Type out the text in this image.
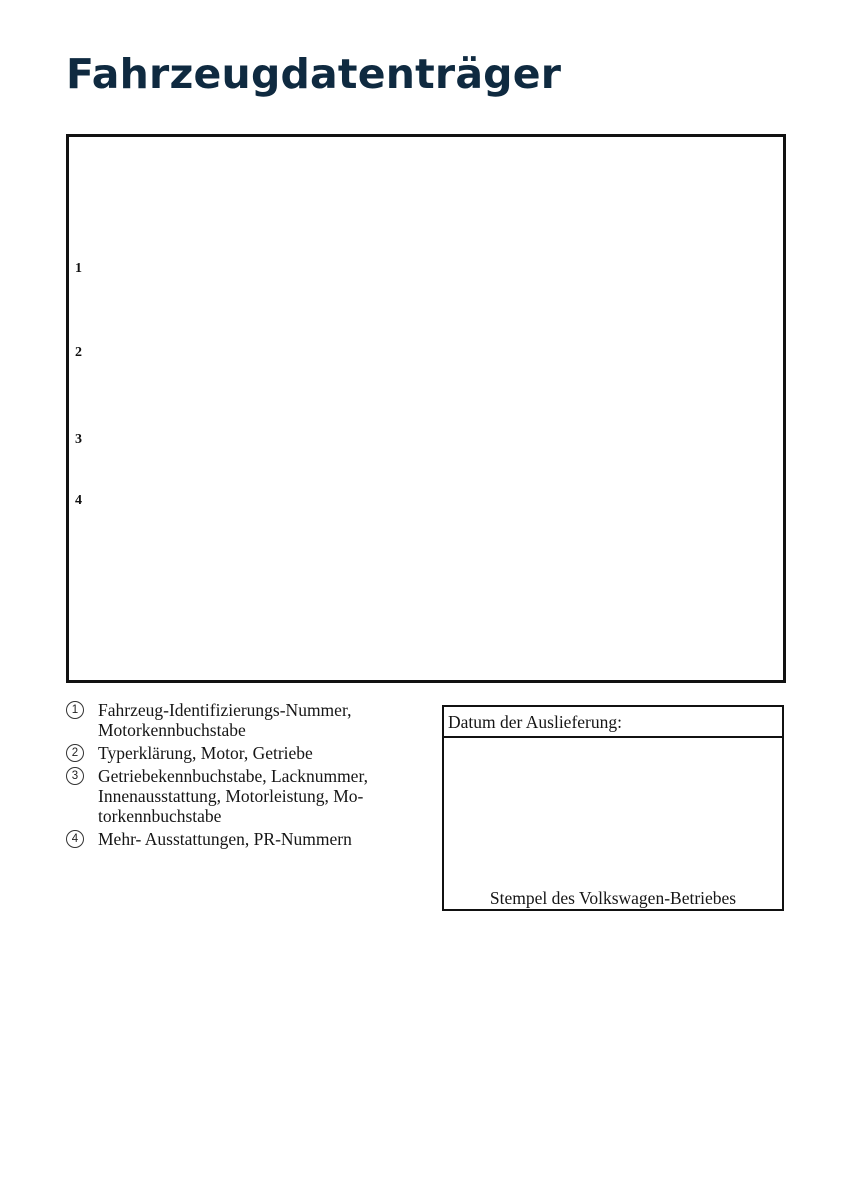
Fahrzeugdatenträger
1
2
3
4
1	Fahrzeug-Identifizierungs-Nummer,
Motorkennbuchstabe
2	Typerklärung, Motor, Getriebe
3	Getriebekennbuchstabe, Lacknummer,
Innenausstattung, Motorleistung, Mo-
torkennbuchstabe
4	Mehr- Ausstattungen, PR-Nummern
Datum der Auslieferung:
Stempel des Volkswagen-Betriebes
